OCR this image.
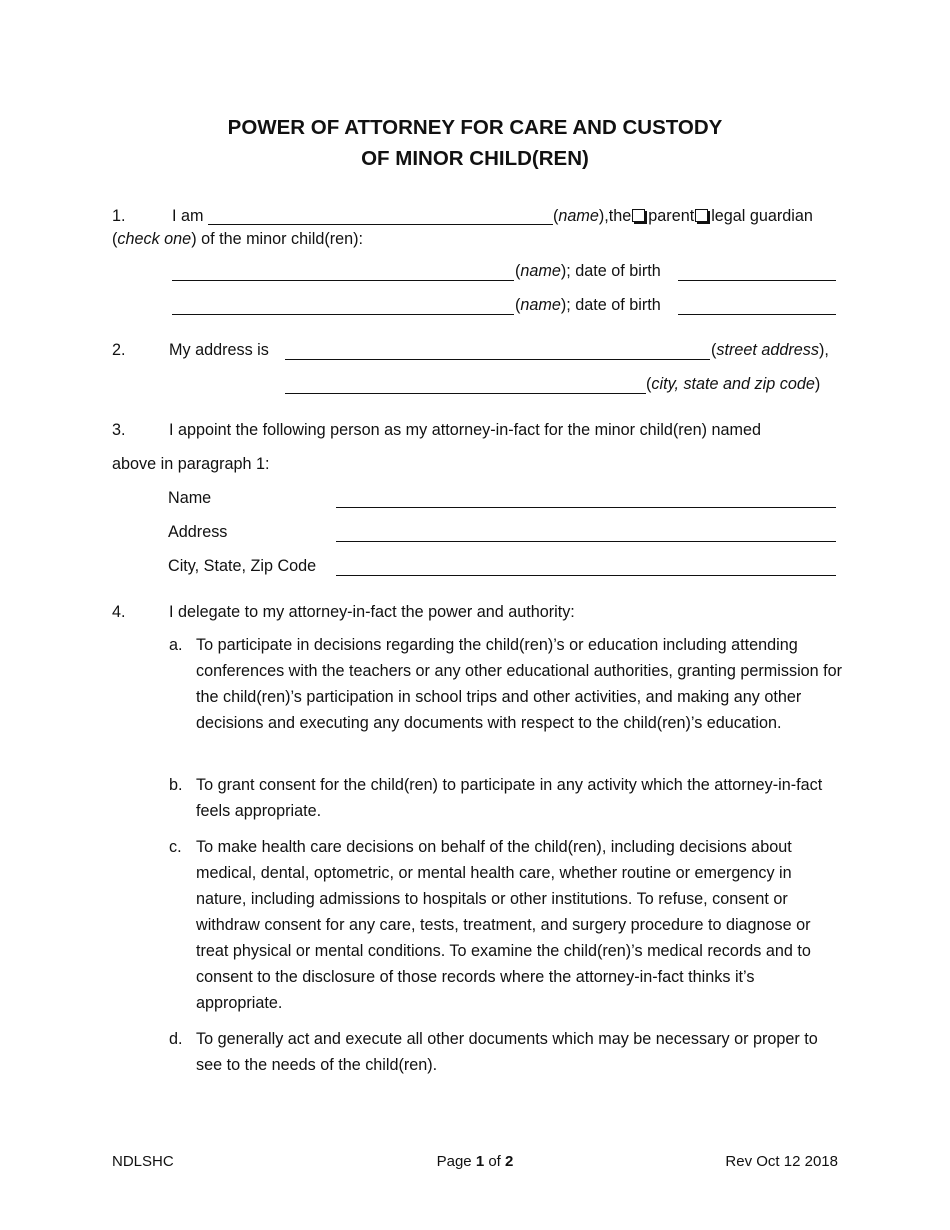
POWER OF ATTORNEY FOR CARE AND CUSTODY
OF MINOR CHILD(REN)
1.	I am	(name),the parent legal guardian
(check one) of the minor child(ren):
(name); date of birth
(name); date of birth
2.	My address is	(street address),
(city, state and zip code)
3.	I appoint the following person as my attorney-in-fact for the minor child(ren) named
above in paragraph 1:
Name
Address
City, State, Zip Code
4.	I delegate to my attorney-in-fact the power and authority:
a. To participate in decisions regarding the child(ren)’s or education including attending conferences with the teachers or any other educational authorities, granting permission for the child(ren)’s participation in school trips and other activities, and making any other decisions and executing any documents with respect to the child(ren)’s education.
b. To grant consent for the child(ren) to participate in any activity which the attorney-in-fact feels appropriate.
c. To make health care decisions on behalf of the child(ren), including decisions about medical, dental, optometric, or mental health care, whether routine or emergency in nature, including admissions to hospitals or other institutions. To refuse, consent or withdraw consent for any care, tests, treatment, and surgery procedure to diagnose or treat physical or mental conditions. To examine the child(ren)’s medical records and to consent to the disclosure of those records where the attorney-in-fact thinks it’s appropriate.
d. To generally act and execute all other documents which may be necessary or proper to see to the needs of the child(ren).
NDLSHC	Page 1 of 2	Rev Oct 12 2018
